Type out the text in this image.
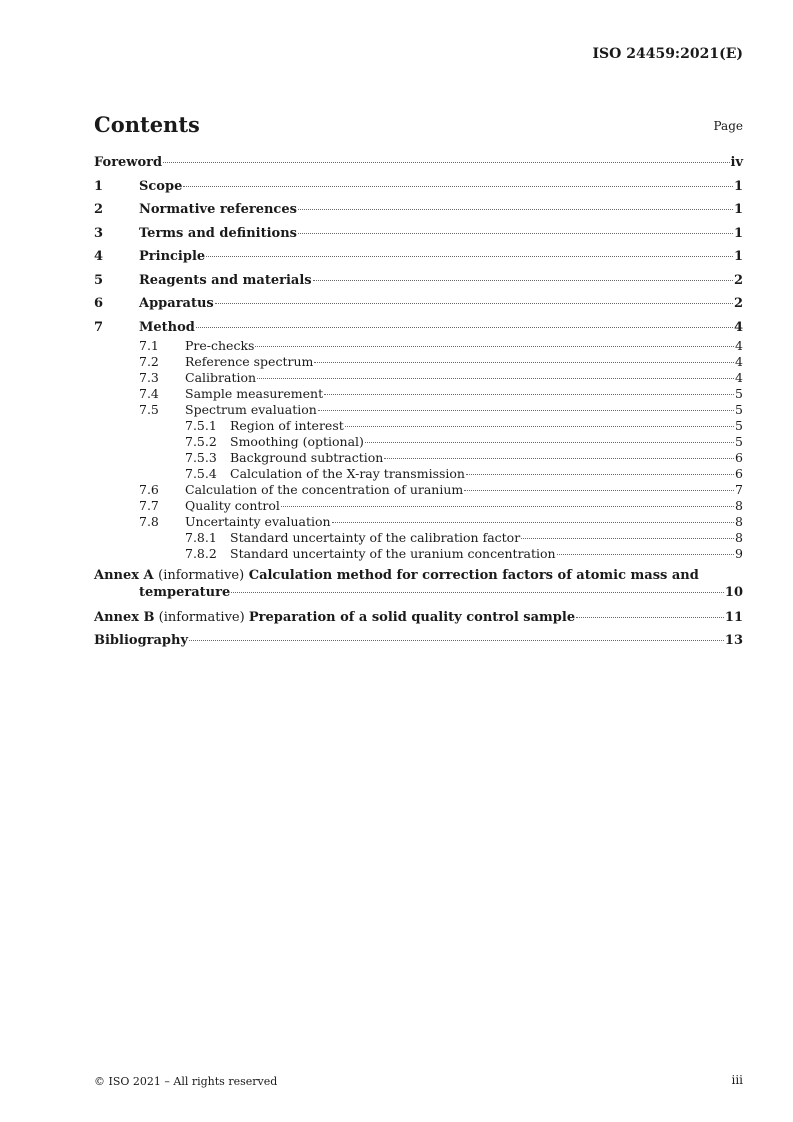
ISO 24459:2021(E)
Contents	Page
Foreword	iv
1	Scope	1
2	Normative references	1
3	Terms and definitions	1
4	Principle	1
5	Reagents and materials	2
6	Apparatus	2
7	Method	4
7.1	Pre-checks	4
7.2	Reference spectrum	4
7.3	Calibration	4
7.4	Sample measurement	5
7.5	Spectrum evaluation	5
7.5.1	Region of interest	5
7.5.2	Smoothing (optional)	5
7.5.3	Background subtraction	6
7.5.4	Calculation of the X-ray transmission	6
7.6	Calculation of the concentration of uranium	7
7.7	Quality control	8
7.8	Uncertainty evaluation	8
7.8.1	Standard uncertainty of the calibration factor	8
7.8.2	Standard uncertainty of the uranium concentration	9
Annex A (informative) Calculation method for correction factors of atomic mass and
temperature	10
Annex B (informative) Preparation of a solid quality control sample	11
Bibliography	13
© ISO 2021 – All rights reserved	iii
